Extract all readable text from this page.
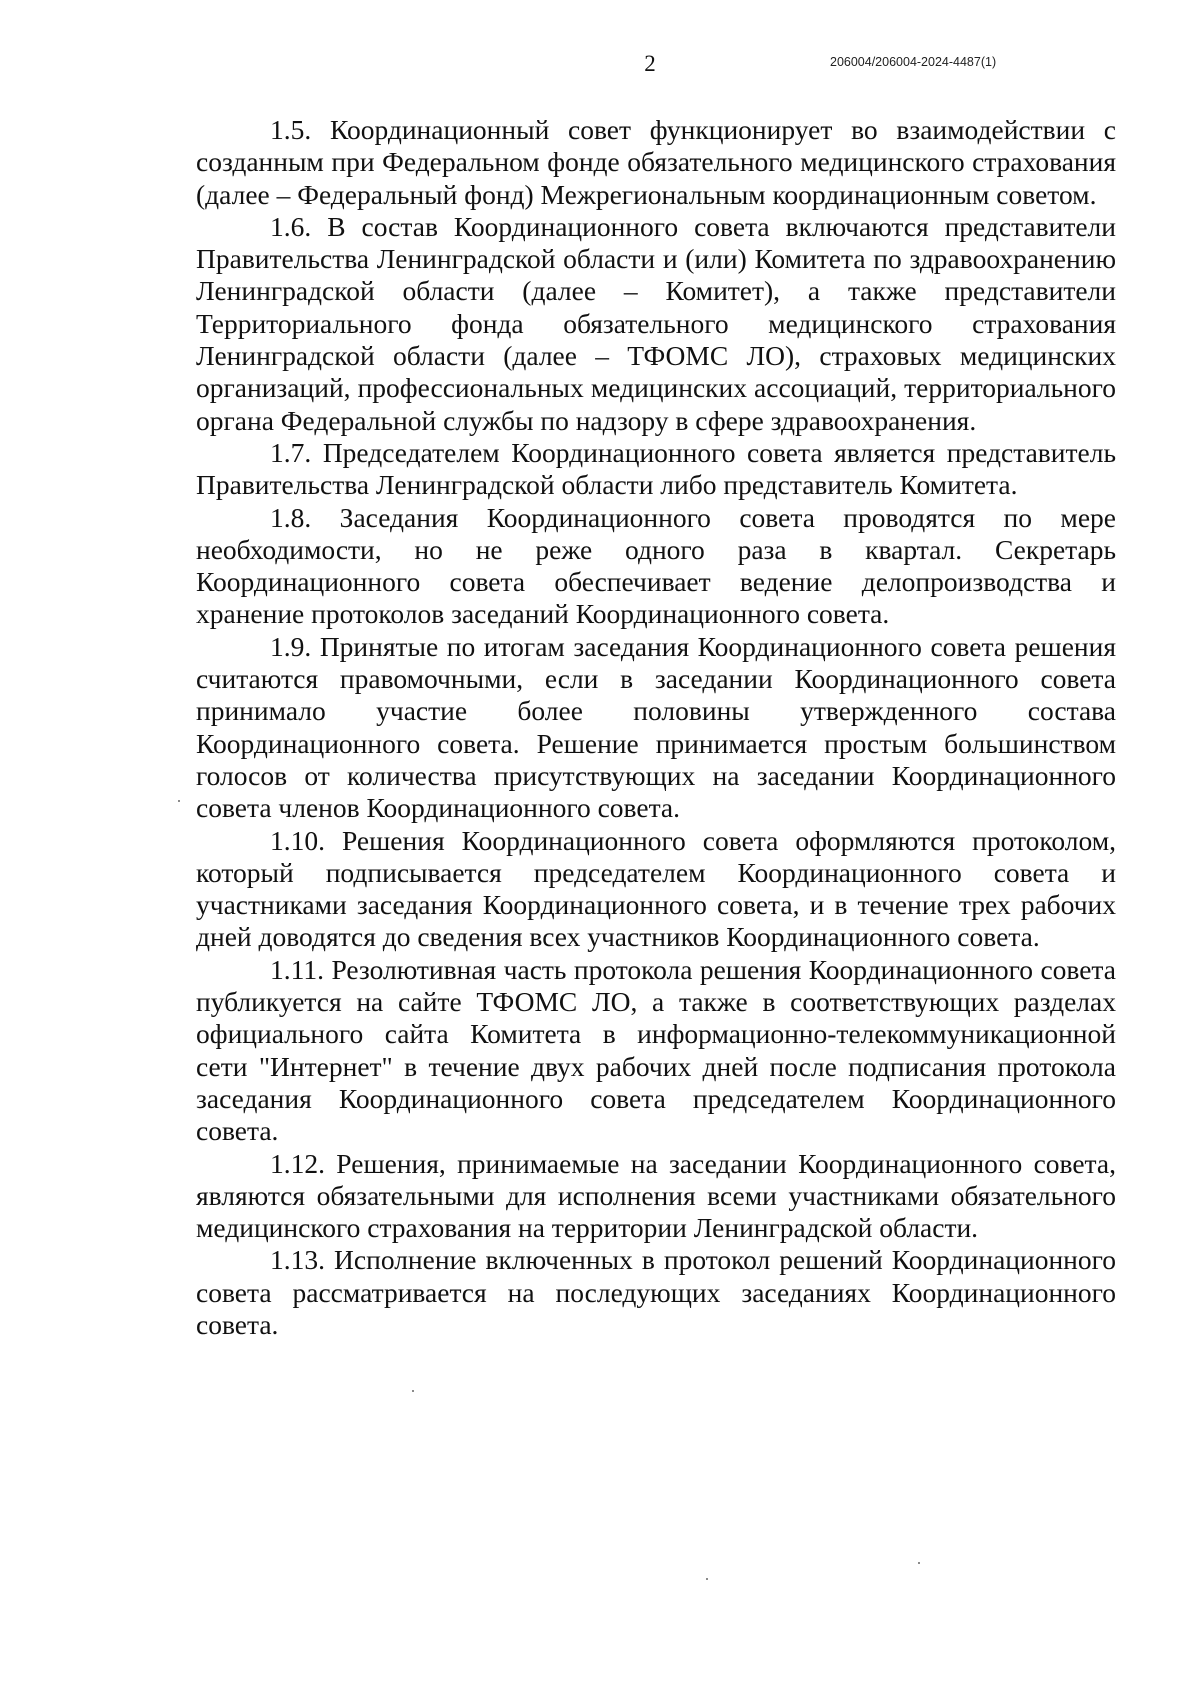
2	206004/206004-2024-4487(1)

1.5. Координационный совет функционирует во взаимодействии с созданным при Федеральном фонде обязательного медицинского страхования (далее – Федеральный фонд) Межрегиональным координационным советом.

1.6. В состав Координационного совета включаются представители Правительства Ленинградской области и (или) Комитета по здравоохранению Ленинградской области (далее – Комитет), а также представители Территориального фонда обязательного медицинского страхования Ленинградской области (далее – ТФОМС ЛО), страховых медицинских организаций, профессиональных медицинских ассоциаций, территориального органа Федеральной службы по надзору в сфере здравоохранения.

1.7. Председателем Координационного совета является представитель Правительства Ленинградской области либо представитель Комитета.

1.8. Заседания Координационного совета проводятся по мере необходимости, но не реже одного раза в квартал. Секретарь Координационного совета обеспечивает ведение делопроизводства и хранение протоколов заседаний Координационного совета.

1.9. Принятые по итогам заседания Координационного совета решения считаются правомочными, если в заседании Координационного совета принимало участие более половины утвержденного состава Координационного совета. Решение принимается простым большинством голосов от количества присутствующих на заседании Координационного совета членов Координационного совета.

1.10. Решения Координационного совета оформляются протоколом, который подписывается председателем Координационного совета и участниками заседания Координационного совета, и в течение трех рабочих дней доводятся до сведения всех участников Координационного совета.

1.11. Резолютивная часть протокола решения Координационного совета публикуется на сайте ТФОМС ЛО, а также в соответствующих разделах официального сайта Комитета в информационно-телекоммуникационной сети "Интернет" в течение двух рабочих дней после подписания протокола заседания Координационного совета председателем Координационного совета.

1.12. Решения, принимаемые на заседании Координационного совета, являются обязательными для исполнения всеми участниками обязательного медицинского страхования на территории Ленинградской области.

1.13. Исполнение включенных в протокол решений Координационного совета рассматривается на последующих заседаниях Координационного совета.
